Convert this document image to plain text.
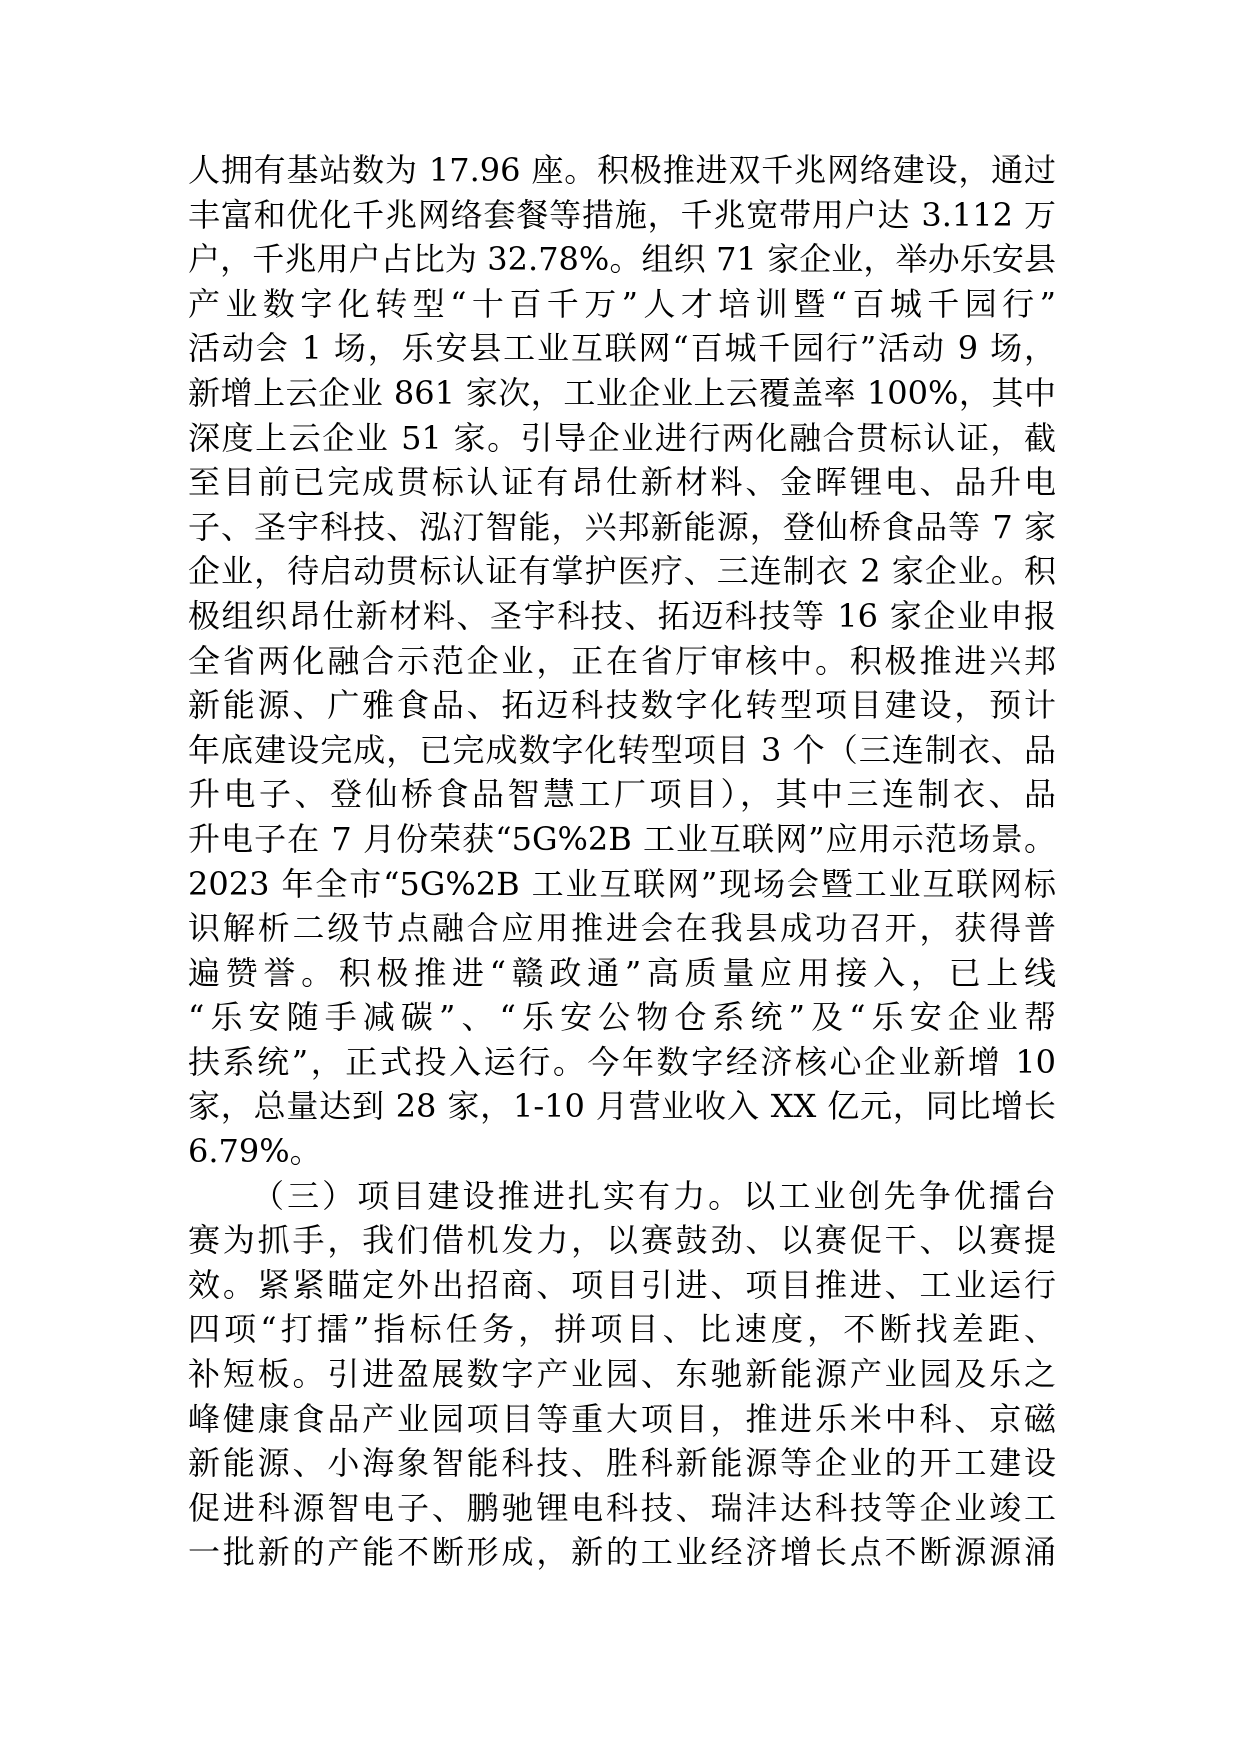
人拥有基站数为 17.96 座。积极推进双千兆网络建设，通过
丰富和优化千兆网络套餐等措施，千兆宽带用户达 3.112 万
户，千兆用户占比为 32.78%。组织 71 家企业，举办乐安县
产业数字化转型“十百千万”人才培训暨“百城千园行”
活动会 1 场，乐安县工业互联网“百城千园行”活动 9 场，
新增上云企业 861 家次，工业企业上云覆盖率 100%，其中
深度上云企业 51 家。引导企业进行两化融合贯标认证，截
至目前已完成贯标认证有昂仕新材料、金晖锂电、品升电
子、圣宇科技、泓汀智能，兴邦新能源，登仙桥食品等 7 家
企业，待启动贯标认证有掌护医疗、三连制衣 2 家企业。积
极组织昂仕新材料、圣宇科技、拓迈科技等 16 家企业申报
全省两化融合示范企业，正在省厅审核中。积极推进兴邦
新能源、广雅食品、拓迈科技数字化转型项目建设，预计
年底建设完成，已完成数字化转型项目 3 个（三连制衣、品
升电子、登仙桥食品智慧工厂项目），其中三连制衣、品
升电子在 7 月份荣获“5G%2B 工业互联网”应用示范场景。
2023 年全市“5G%2B 工业互联网”现场会暨工业互联网标
识解析二级节点融合应用推进会在我县成功召开，获得普
遍赞誉。积极推进“赣政通”高质量应用接入，已上线
“乐安随手减碳”、“乐安公物仓系统”及“乐安企业帮
扶系统”，正式投入运行。今年数字经济核心企业新增 10
家，总量达到 28 家，1-10 月营业收入 XX 亿元，同比增长
6.79%。
（三）项目建设推进扎实有力。以工业创先争优擂台
赛为抓手，我们借机发力，以赛鼓劲、以赛促干、以赛提
效。紧紧瞄定外出招商、项目引进、项目推进、工业运行
四项“打擂”指标任务，拼项目、比速度，不断找差距、
补短板。引进盈展数字产业园、东驰新能源产业园及乐之
峰健康食品产业园项目等重大项目，推进乐米中科、京磁
新能源、小海象智能科技、胜科新能源等企业的开工建设
促进科源智电子、鹏驰锂电科技、瑞沣达科技等企业竣工
一批新的产能不断形成，新的工业经济增长点不断源源涌
